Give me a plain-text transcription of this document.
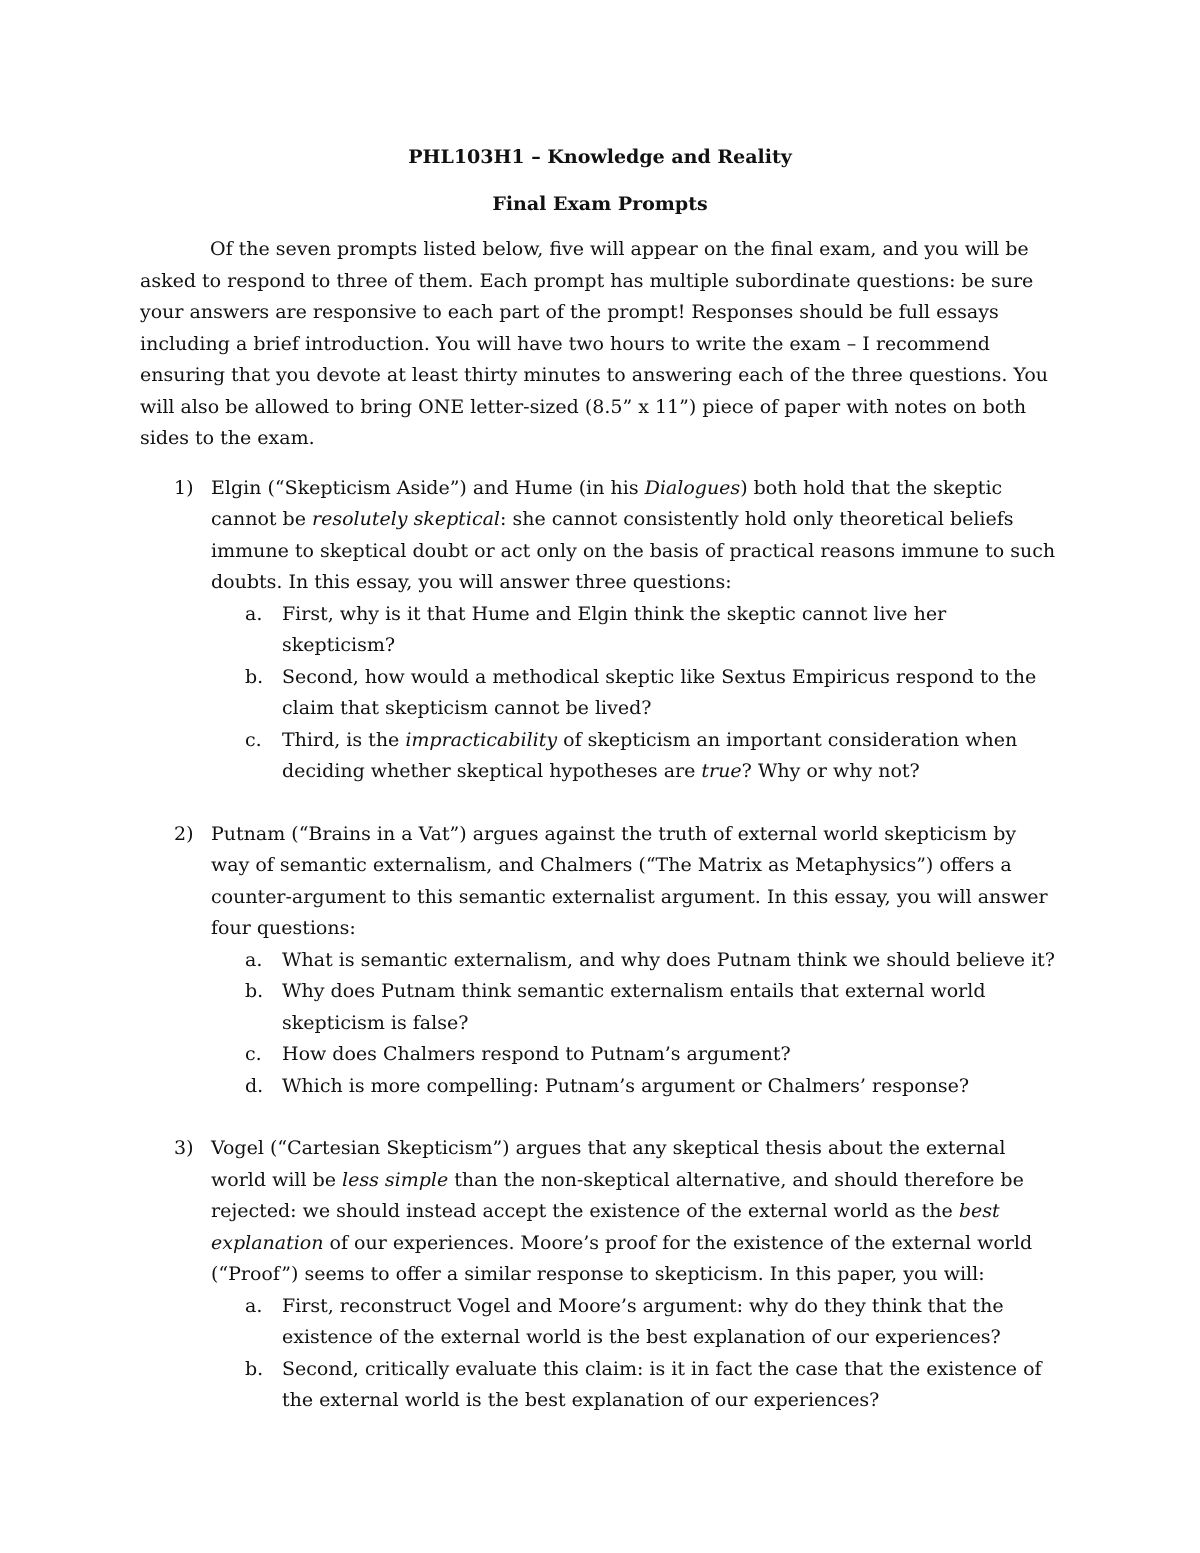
PHL103H1 – Knowledge and Reality
Final Exam Prompts

Of the seven prompts listed below, five will appear on the final exam, and you will be asked to respond to three of them. Each prompt has multiple subordinate questions: be sure your answers are responsive to each part of the prompt! Responses should be full essays including a brief introduction. You will have two hours to write the exam – I recommend ensuring that you devote at least thirty minutes to answering each of the three questions. You will also be allowed to bring ONE letter-sized (8.5” x 11”) piece of paper with notes on both sides to the exam.

1) Elgin (“Skepticism Aside”) and Hume (in his Dialogues) both hold that the skeptic cannot be resolutely skeptical: she cannot consistently hold only theoretical beliefs immune to skeptical doubt or act only on the basis of practical reasons immune to such doubts. In this essay, you will answer three questions:
a. First, why is it that Hume and Elgin think the skeptic cannot live her skepticism?
b. Second, how would a methodical skeptic like Sextus Empiricus respond to the claim that skepticism cannot be lived?
c. Third, is the impracticability of skepticism an important consideration when deciding whether skeptical hypotheses are true? Why or why not?
2) Putnam (“Brains in a Vat”) argues against the truth of external world skepticism by way of semantic externalism, and Chalmers (“The Matrix as Metaphysics”) offers a counter-argument to this semantic externalist argument. In this essay, you will answer four questions:
a. What is semantic externalism, and why does Putnam think we should believe it?
b. Why does Putnam think semantic externalism entails that external world skepticism is false?
c. How does Chalmers respond to Putnam’s argument?
d. Which is more compelling: Putnam’s argument or Chalmers’ response?
3) Vogel (“Cartesian Skepticism”) argues that any skeptical thesis about the external world will be less simple than the non-skeptical alternative, and should therefore be rejected: we should instead accept the existence of the external world as the best explanation of our experiences. Moore’s proof for the existence of the external world (“Proof”) seems to offer a similar response to skepticism. In this paper, you will:
a. First, reconstruct Vogel and Moore’s argument: why do they think that the existence of the external world is the best explanation of our experiences?
b. Second, critically evaluate this claim: is it in fact the case that the existence of the external world is the best explanation of our experiences?
